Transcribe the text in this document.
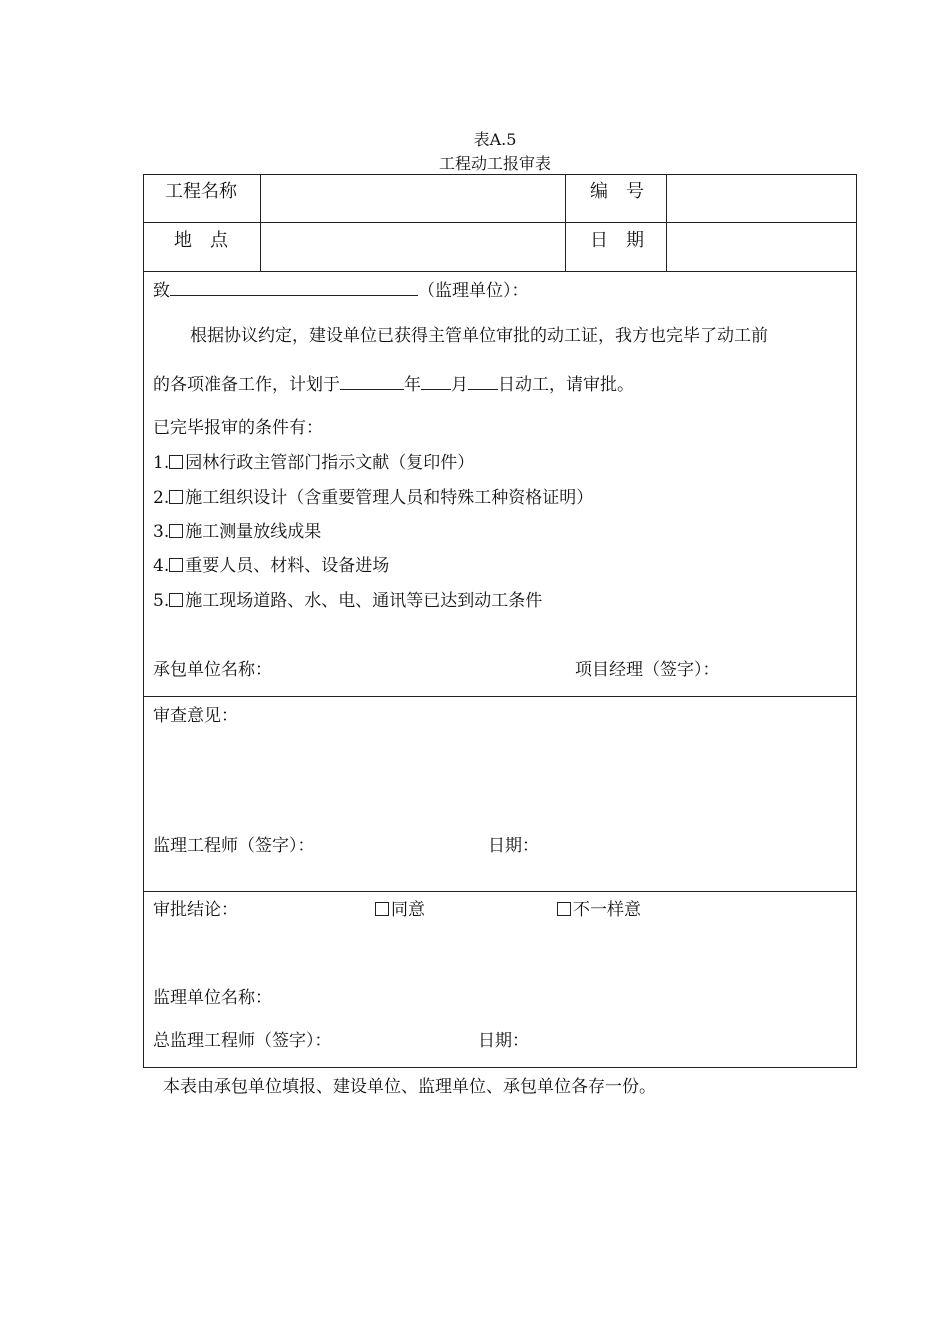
表A.5
工程动工报审表
工程名称	编　号
地　点	日　期
致	（监理单位）：
根据协议约定，建设单位已获得主管单位审批的动工证，我方也完毕了动工前
的各项准备工作，计划于	年 月 日动工，请审批。
已完毕报审的条件有：
1. 园林行政主管部门指示文献（复印件）
2. 施工组织设计（含重要管理人员和特殊工种资格证明）
3. 施工测量放线成果
4. 重要人员、材料、设备进场
5. 施工现场道路、水、电、通讯等已达到动工条件
承包单位名称：	项目经理（签字）：
审查意见：
监理工程师（签字）：	日期：
审批结论：	同意	不一样意
监理单位名称：
总监理工程师（签字）：	日期：
本表由承包单位填报、建设单位、监理单位、承包单位各存一份。
